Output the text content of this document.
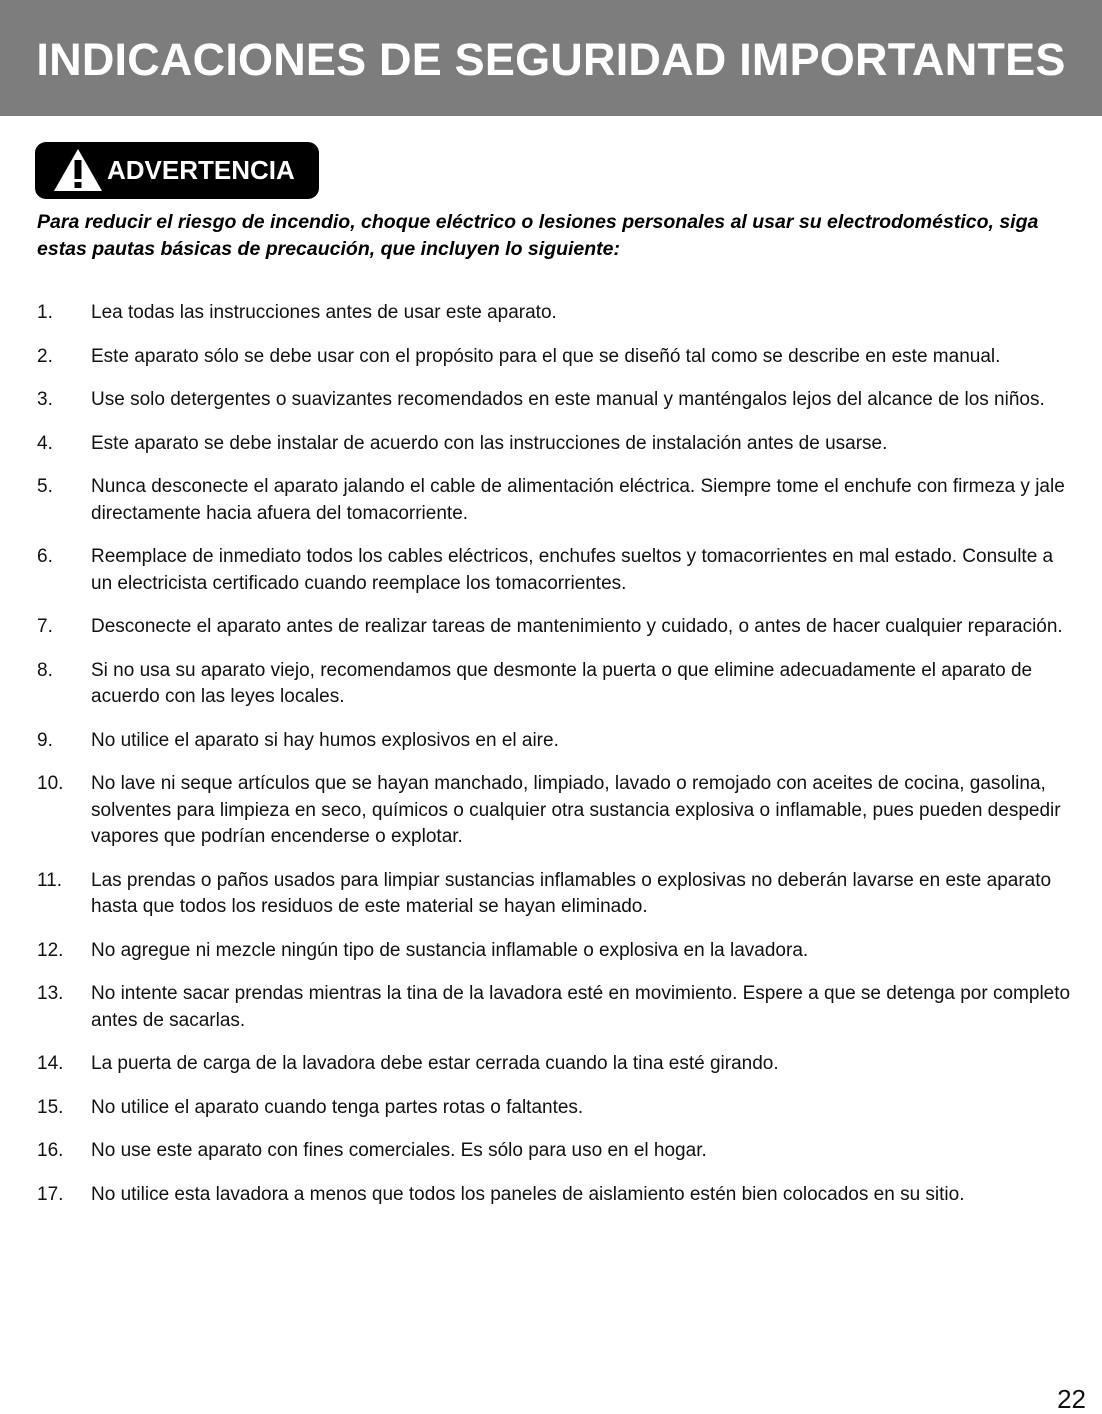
INDICACIONES DE SEGURIDAD IMPORTANTES
ADVERTENCIA
Para reducir el riesgo de incendio, choque eléctrico o lesiones personales al usar su electrodoméstico, siga estas pautas básicas de precaución, que incluyen lo siguiente:
1. Lea todas las instrucciones antes de usar este aparato.
2. Este aparato sólo se debe usar con el propósito para el que se diseñó tal como se describe en este manual.
3. Use solo detergentes o suavizantes recomendados en este manual y manténgalos lejos del alcance de los niños.
4. Este aparato se debe instalar de acuerdo con las instrucciones de instalación antes de usarse.
5. Nunca desconecte el aparato jalando el cable de alimentación eléctrica. Siempre tome el enchufe con firmeza y jale directamente hacia afuera del tomacorriente.
6. Reemplace de inmediato todos los cables eléctricos, enchufes sueltos y tomacorrientes en mal estado. Consulte a un electricista certificado cuando reemplace los tomacorrientes.
7. Desconecte el aparato antes de realizar tareas de mantenimiento y cuidado, o antes de hacer cualquier reparación.
8. Si no usa su aparato viejo, recomendamos que desmonte la puerta o que elimine adecuadamente el aparato de acuerdo con las leyes locales.
9. No utilice el aparato si hay humos explosivos en el aire.
10. No lave ni seque artículos que se hayan manchado, limpiado, lavado o remojado con aceites de cocina, gasolina, solventes para limpieza en seco, químicos o cualquier otra sustancia explosiva o inflamable, pues pueden despedir vapores que podrían encenderse o explotar.
11. Las prendas o paños usados para limpiar sustancias inflamables o explosivas no deberán lavarse en este aparato hasta que todos los residuos de este material se hayan eliminado.
12. No agregue ni mezcle ningún tipo de sustancia inflamable o explosiva en la lavadora.
13. No intente sacar prendas mientras la tina de la lavadora esté en movimiento. Espere a que se detenga por completo antes de sacarlas.
14. La puerta de carga de la lavadora debe estar cerrada cuando la tina esté girando.
15. No utilice el aparato cuando tenga partes rotas o faltantes.
16. No use este aparato con fines comerciales. Es sólo para uso en el hogar.
17. No utilice esta lavadora a menos que todos los paneles de aislamiento estén bien colocados en su sitio.
22
